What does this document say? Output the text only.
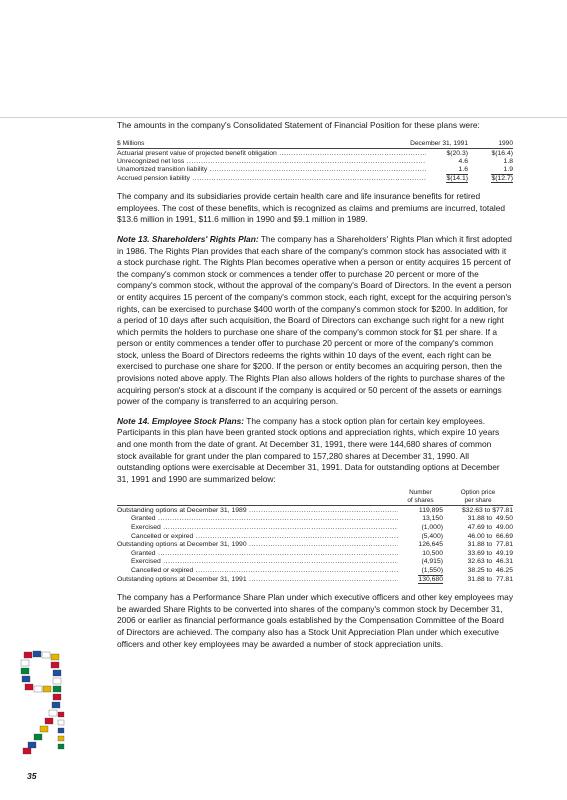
The amounts in the company's Consolidated Statement of Financial Position for these plans were:

$ Millions	December 31, 1991	1990
Actuarial present value of projected benefit obligation .....	$(20.3)	$(16.4)
Unrecognized net loss .....	4.6	1.8
Unamortized transition liability .....	1.6	1.9
Accrued pension liability .....	$(14.1)	$(12.7)

The company and its subsidiaries provide certain health care and life insurance benefits for retired employees. The cost of these benefits, which is recognized as claims and premiums are incurred, totaled $13.6 million in 1991, $11.6 million in 1990 and $9.1 million in 1989.

Note 13. Shareholders' Rights Plan: The company has a Shareholders' Rights Plan which it first adopted in 1986. The Rights Plan provides that each share of the company's common stock has associated with it a stock purchase right. The Rights Plan becomes operative when a person or entity acquires 15 percent of the company's common stock or commences a tender offer to purchase 20 percent or more of the company's common stock, without the approval of the company's Board of Directors. In the event a person or entity acquires 15 percent of the company's common stock, each right, except for the acquiring person's rights, can be exercised to purchase $400 worth of the company's common stock for $200. In addition, for a period of 10 days after such acquisition, the Board of Directors can exchange such right for a new right which permits the holders to purchase one share of the company's common stock for $1 per share. If a person or entity commences a tender offer to purchase 20 percent or more of the company's common stock, unless the Board of Directors redeems the rights within 10 days of the event, each right can be exercised to purchase one share for $200. If the person or entity becomes an acquiring person, then the provisions noted above apply. The Rights Plan also allows holders of the rights to purchase shares of the acquiring person's stock at a discount if the company is acquired or 50 percent of the assets or earnings power of the company is transferred to an acquiring person.

Note 14. Employee Stock Plans: The company has a stock option plan for certain key employees. Participants in this plan have been granted stock options and appreciation rights, which expire 10 years and one month from the date of grant. At December 31, 1991, there were 144,680 shares of common stock available for grant under the plan compared to 157,280 shares at December 31, 1990. All outstanding options were exercisable at December 31, 1991. Data for outstanding options at December 31, 1991 and 1990 are summarized below:

Number
of shares
Option price
per share
Outstanding options at December 31, 1989 .....	119,895	$32.63 to $77.81
Granted .....	13,150	31.88 to  49.50
Exercised .....	(1,000)	47.69 to  49.00
Cancelled or expired .....	(5,400)	46.00 to  66.69
Outstanding options at December 31, 1990 .....	126,645	31.88 to  77.81
Granted .....	10,500	33.69 to  49.19
Exercised .....	(4,915)	32.63 to  46.31
Cancelled or expired .....	(1,550)	38.25 to  46.25
Outstanding options at December 31, 1991 .....	130,680	31.88 to  77.81

The company has a Performance Share Plan under which executive officers and other key employees may be awarded Share Rights to be converted into shares of the company's common stock by December 31, 2006 or earlier as financial performance goals established by the Compensation Committee of the Board of Directors are achieved. The company also has a Stock Unit Appreciation Plan under which executive officers and other key employees may be awarded a number of stock appreciation units.

35
